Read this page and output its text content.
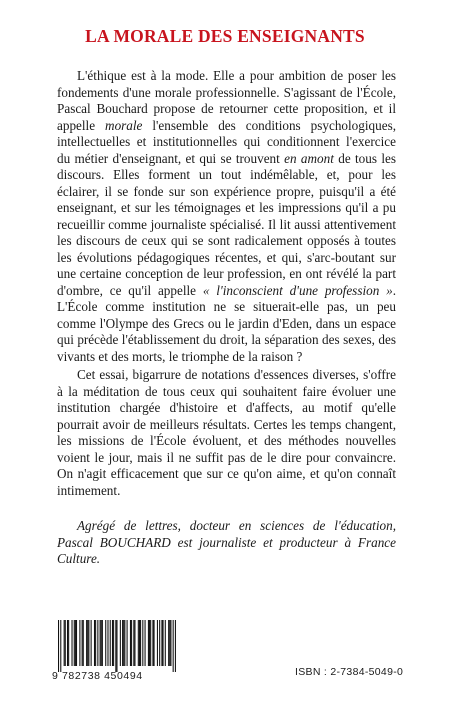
LA MORALE DES ENSEIGNANTS

L'éthique est à la mode. Elle a pour ambition de poser les fondements d'une morale professionnelle. S'agissant de l'École, Pascal Bouchard propose de retourner cette proposition, et il appelle morale l'ensemble des conditions psychologiques, intellectuelles et institutionnelles qui conditionnent l'exercice du métier d'enseignant, et qui se trouvent en amont de tous les discours. Elles forment un tout indémêlable, et, pour les éclairer, il se fonde sur son expérience propre, puisqu'il a été enseignant, et sur les témoignages et les impressions qu'il a pu recueillir comme journaliste spécialisé. Il lit aussi attentivement les discours de ceux qui se sont radicalement opposés à toutes les évolutions pédagogiques récentes, et qui, s'arc-boutant sur une certaine conception de leur profession, en ont révélé la part d'ombre, ce qu'il appelle « l'inconscient d'une profession ». L'École comme institution ne se situerait-elle pas, un peu comme l'Olympe des Grecs ou le jardin d'Eden, dans un espace qui précède l'établissement du droit, la séparation des sexes, des vivants et des morts, le triomphe de la raison ?

Cet essai, bigarrure de notations d'essences diverses, s'offre à la méditation de tous ceux qui souhaitent faire évoluer une institution chargée d'histoire et d'affects, au motif qu'elle pourrait avoir de meilleurs résultats. Certes les temps changent, les missions de l'École évoluent, et des méthodes nouvelles voient le jour, mais il ne suffit pas de le dire pour convaincre. On n'agit efficacement que sur ce qu'on aime, et qu'on connaît intimement.

Agrégé de lettres, docteur en sciences de l'éducation, Pascal BOUCHARD est journaliste et producteur à France Culture.
9 782738 450494	ISBN : 2-7384-5049-0
